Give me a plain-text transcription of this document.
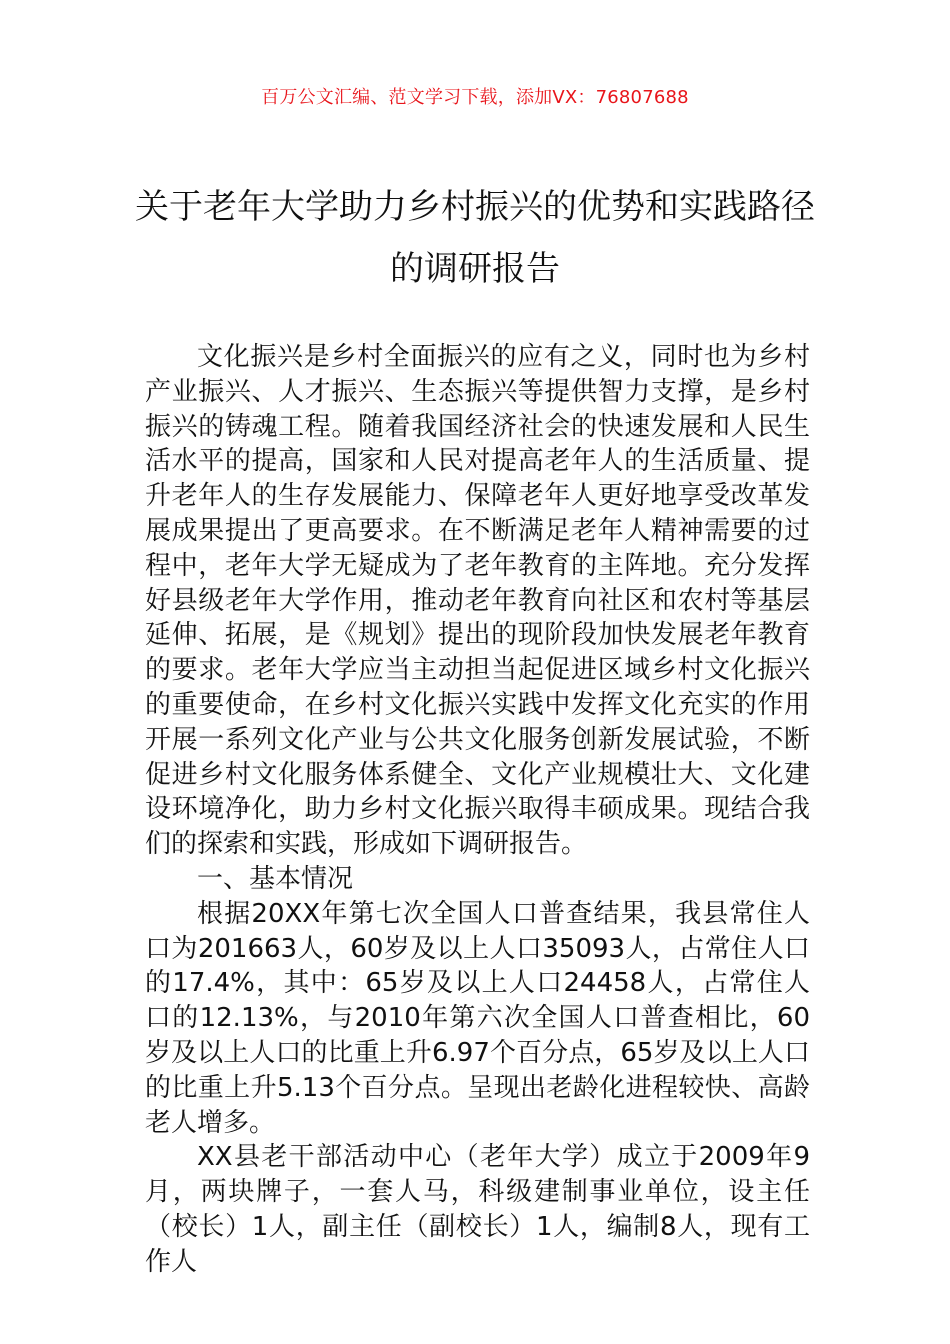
百万公文汇编、范文学习下载，添加VX：76807688
关于老年大学助力乡村振兴的优势和实践路径的调研报告

文化振兴是乡村全面振兴的应有之义，同时也为乡村产业振兴、人才振兴、生态振兴等提供智力支撑，是乡村振兴的铸魂工程。随着我国经济社会的快速发展和人民生活水平的提高，国家和人民对提高老年人的生活质量、提升老年人的生存发展能力、保障老年人更好地享受改革发展成果提出了更高要求。在不断满足老年人精神需要的过程中，老年大学无疑成为了老年教育的主阵地。充分发挥好县级老年大学作用，推动老年教育向社区和农村等基层延伸、拓展，是《规划》提出的现阶段加快发展老年教育的要求。老年大学应当主动担当起促进区域乡村文化振兴的重要使命，在乡村文化振兴实践中发挥文化充实的作用开展一系列文化产业与公共文化服务创新发展试验，不断促进乡村文化服务体系健全、文化产业规模壮大、文化建设环境净化，助力乡村文化振兴取得丰硕成果。现结合我们的探索和实践，形成如下调研报告。

一、基本情况

根据20XX年第七次全国人口普查结果，我县常住人口为201663人，60岁及以上人口35093人，占常住人口的17.4%，其中：65岁及以上人口24458人，占常住人口的12.13%，与2010年第六次全国人口普查相比，60岁及以上人口的比重上升6.97个百分点，65岁及以上人口的比重上升5.13个百分点。呈现出老龄化进程较快、高龄老人增多。

XX县老干部活动中心（老年大学）成立于2009年9月，两块牌子，一套人马，科级建制事业单位，设主任（校长）1人，副主任（副校长）1人，编制8人，现有工作人
